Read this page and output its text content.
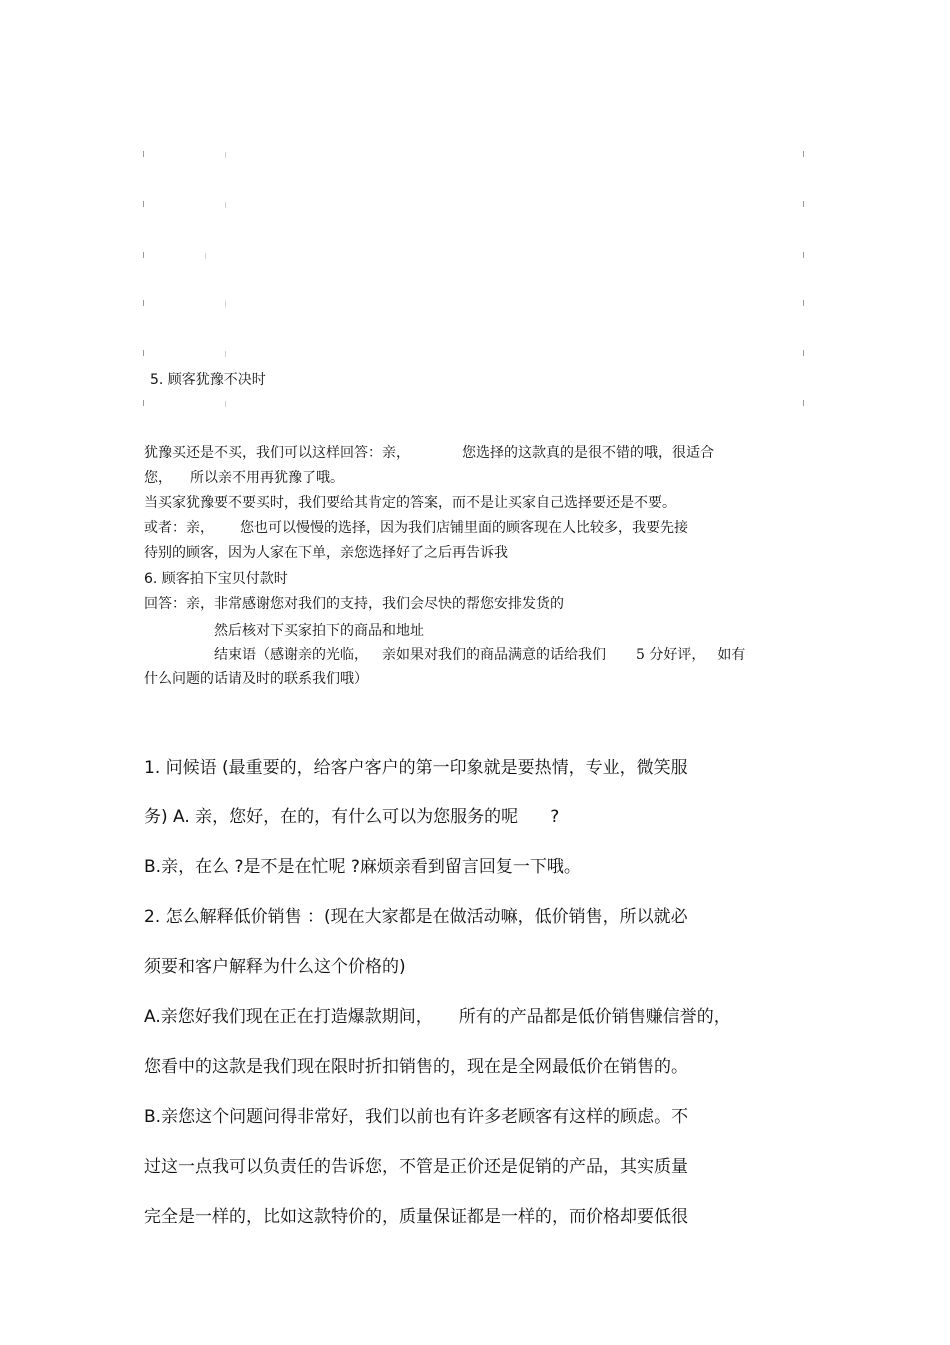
5. 顾客犹豫不决时
犹豫买还是不买，我们可以这样回答：亲，	您选择的这款真的是很不错的哦，很适合
您， 所以亲不用再犹豫了哦。
当买家犹豫要不要买时，我们要给其肯定的答案，而不是让买家自己选择要还是不要。
或者：亲， 您也可以慢慢的选择，因为我们店铺里面的顾客现在人比较多，我要先接
待别的顾客，因为人家在下单，亲您选择好了之后再告诉我
6. 顾客拍下宝贝付款时
回答：亲，非常感谢您对我们的支持，我们会尽快的帮您安排发货的
然后核对下买家拍下的商品和地址
结束语（感谢亲的光临， 亲如果对我们的商品满意的话给我们 5 分好评， 如有
什么问题的话请及时的联系我们哦）
1. 问候语 (最重要的，给客户客户的第一印象就是要热情，专业，微笑服
务) A. 亲，您好，在的，有什么可以为您服务的呢 ?
B.亲，在么 ?是不是在忙呢 ?麻烦亲看到留言回复一下哦。
2. 怎么解释低价销售 ：(现在大家都是在做活动嘛，低价销售，所以就必
须要和客户解释为什么这个价格的)
A.亲您好我们现在正在打造爆款期间， 所有的产品都是低价销售赚信誉的，
您看中的这款是我们现在限时折扣销售的，现在是全网最低价在销售的。
B.亲您这个问题问得非常好，我们以前也有许多老顾客有这样的顾虑。不
过这一点我可以负责任的告诉您，不管是正价还是促销的产品，其实质量
完全是一样的，比如这款特价的，质量保证都是一样的，而价格却要低很
